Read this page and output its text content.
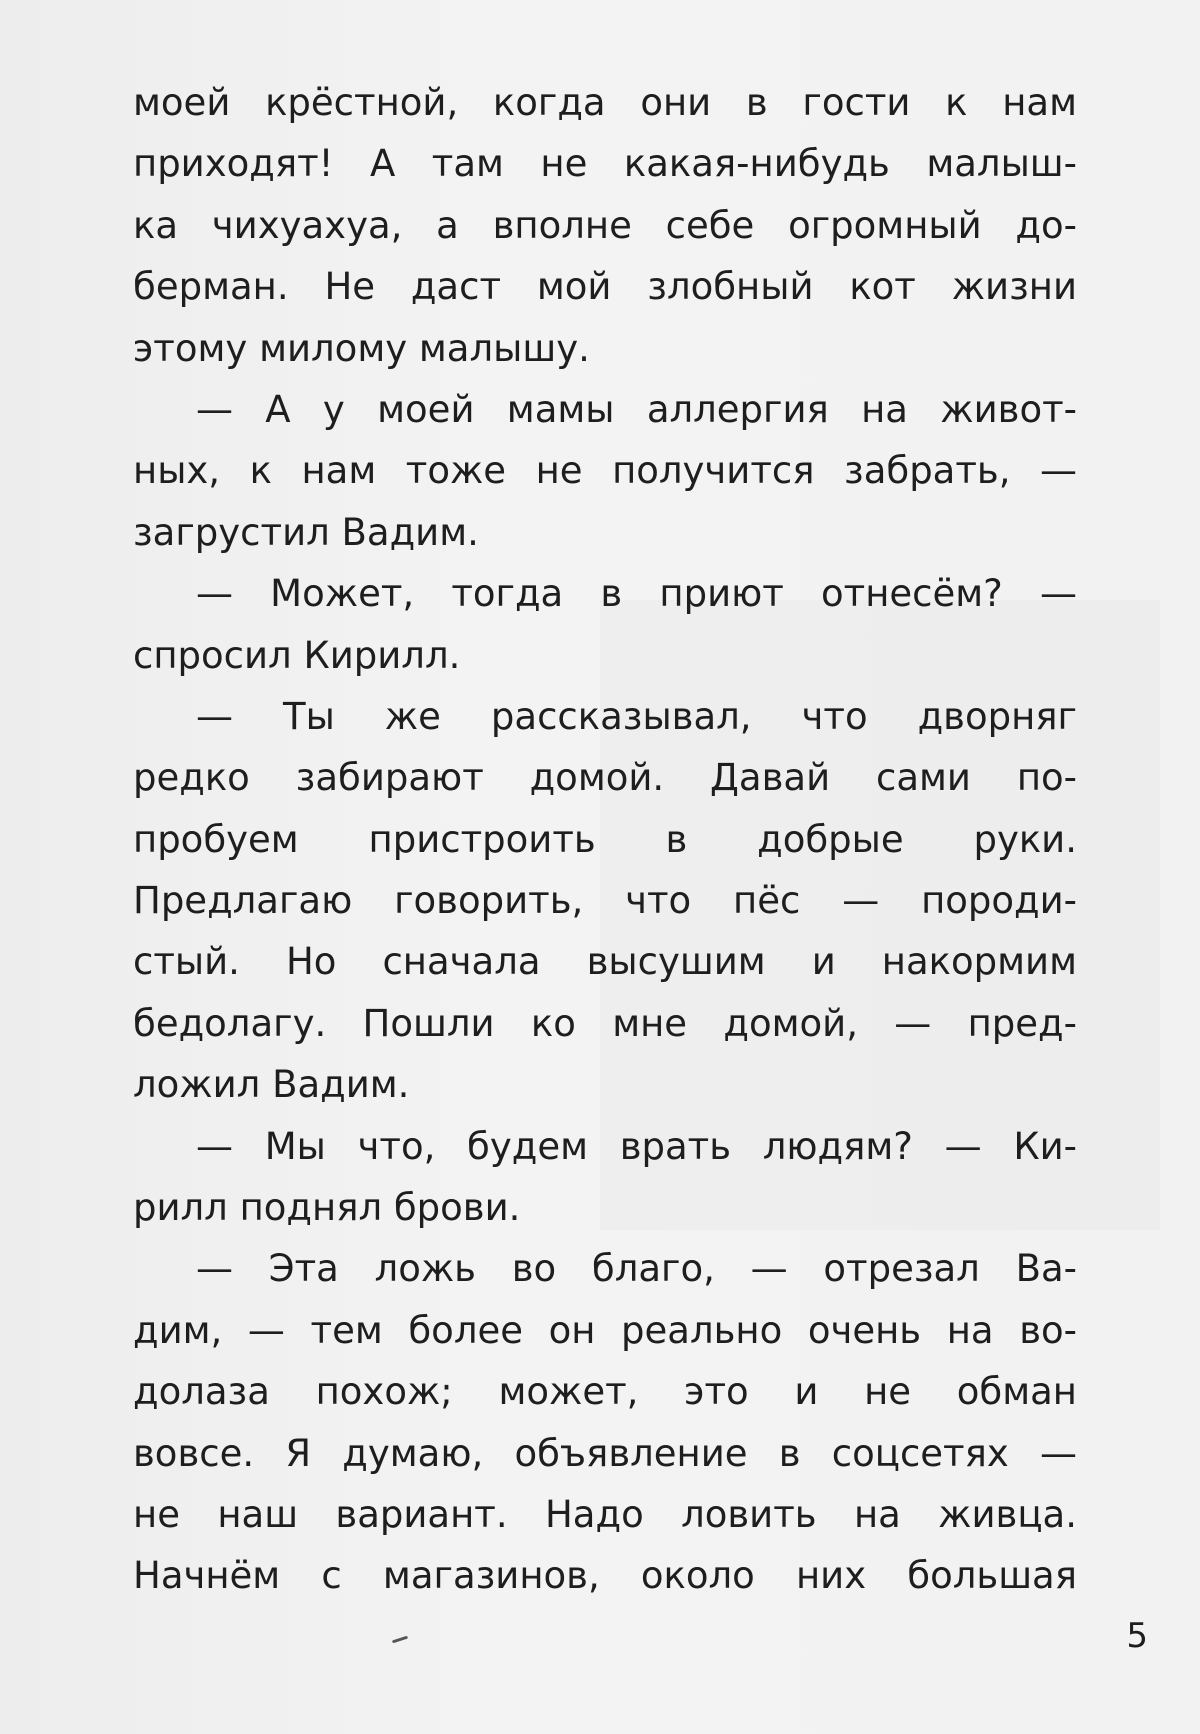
моей крёстной, когда они в гости к нам
приходят! А там не какая-нибудь малыш-
ка чихуахуа, а вполне себе огромный до-
берман. Не даст мой злобный кот жизни
этому милому малышу.
— А у моей мамы аллергия на живот-
ных, к нам тоже не получится забрать, —
загрустил Вадим.
— Может, тогда в приют отнесём? —
спросил Кирилл.
— Ты же рассказывал, что дворняг
редко забирают домой. Давай сами по-
пробуем пристроить в добрые руки.
Предлагаю говорить, что пёс — породи-
стый. Но сначала высушим и накормим
бедолагу. Пошли ко мне домой, — пред-
ложил Вадим.
— Мы что, будем врать людям? — Ки-
рилл поднял брови.
— Эта ложь во благо, — отрезал Ва-
дим, — тем более он реально очень на во-
долаза похож; может, это и не обман
вовсе. Я думаю, объявление в соцсетях —
не наш вариант. Надо ловить на живца.
Начнём с магазинов, около них большая
5
